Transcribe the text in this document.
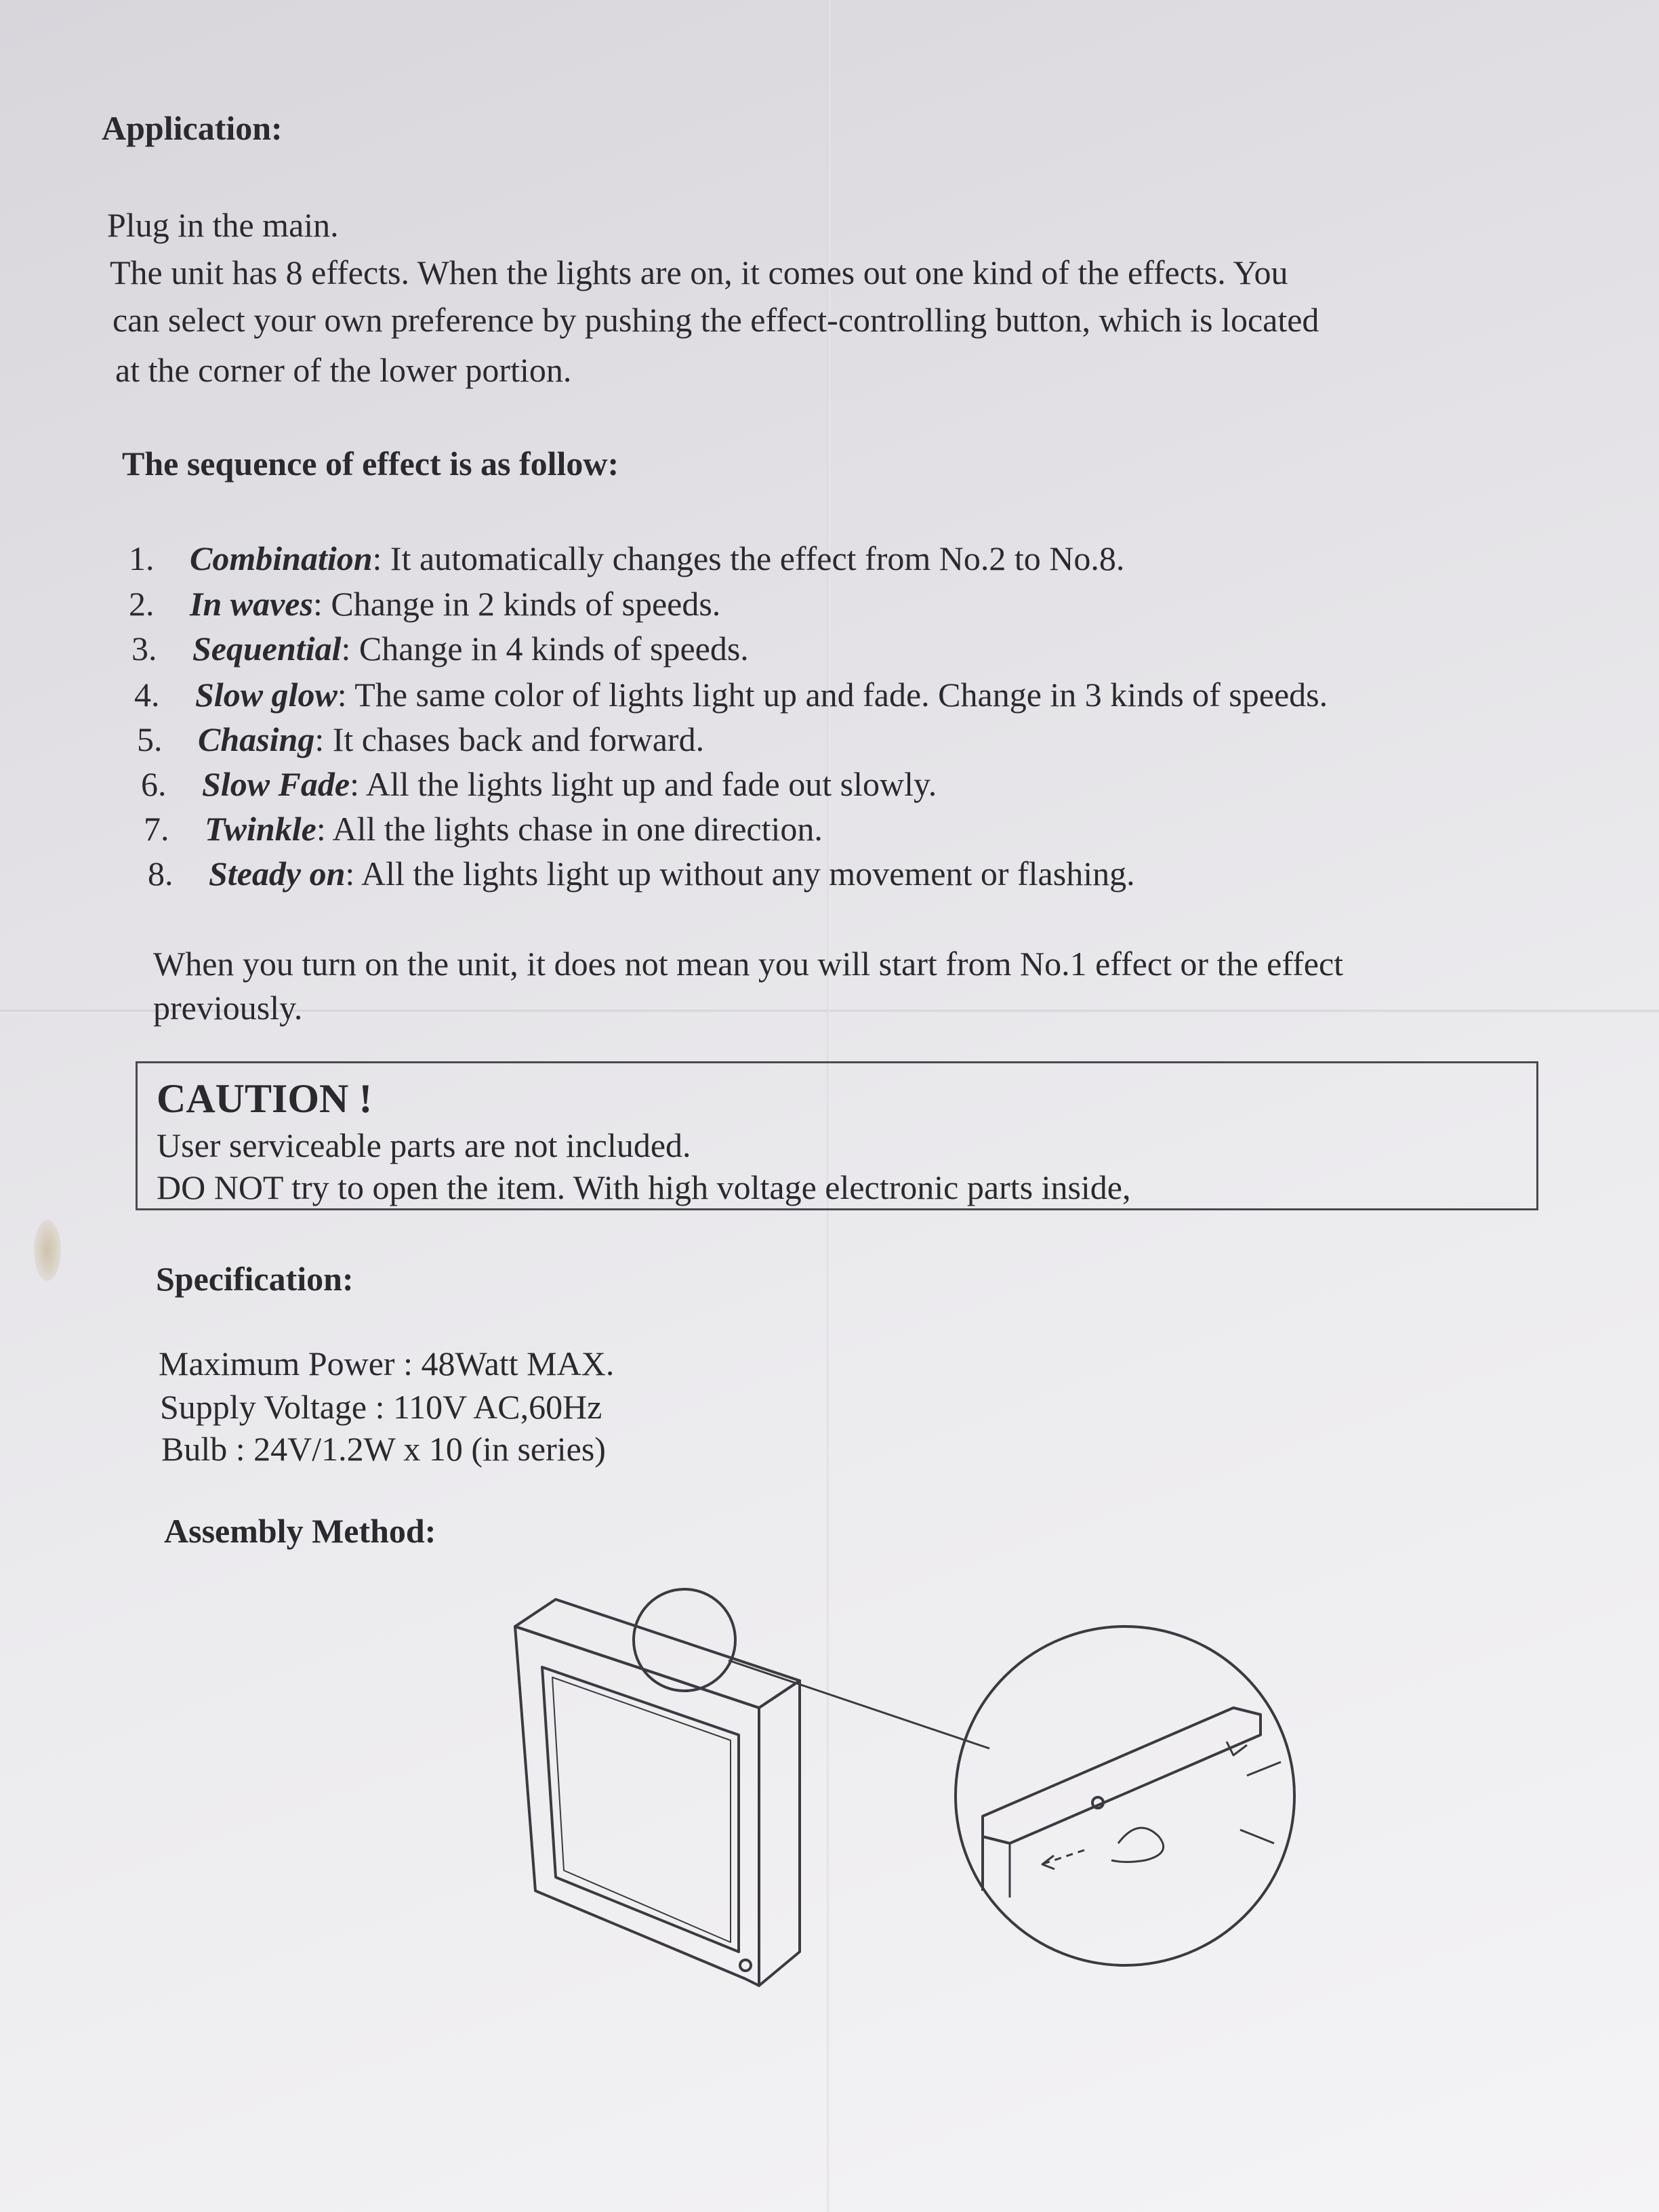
Application:
Plug in the main.
The unit has 8 effects. When the lights are on, it comes out one kind of the effects. You
can select your own preference by pushing the effect-controlling button, which is located
at the corner of the lower portion.
The sequence of effect is as follow:
1. Combination: It automatically changes the effect from No.2 to No.8.
2. In waves: Change in 2 kinds of speeds.
3. Sequential: Change in 4 kinds of speeds.
4. Slow glow: The same color of lights light up and fade. Change in 3 kinds of speeds.
5. Chasing: It chases back and forward.
6. Slow Fade: All the lights light up and fade out slowly.
7. Twinkle: All the lights chase in one direction.
8. Steady on: All the lights light up without any movement or flashing.
When you turn on the unit, it does not mean you will start from No.1 effect or the effect
previously.
CAUTION !
User serviceable parts are not included.
DO NOT try to open the item. With high voltage electronic parts inside,
Specification:
Maximum Power : 48Watt MAX.
Supply Voltage : 110V AC,60Hz
Bulb : 24V/1.2W x 10 (in series)
Assembly Method:
